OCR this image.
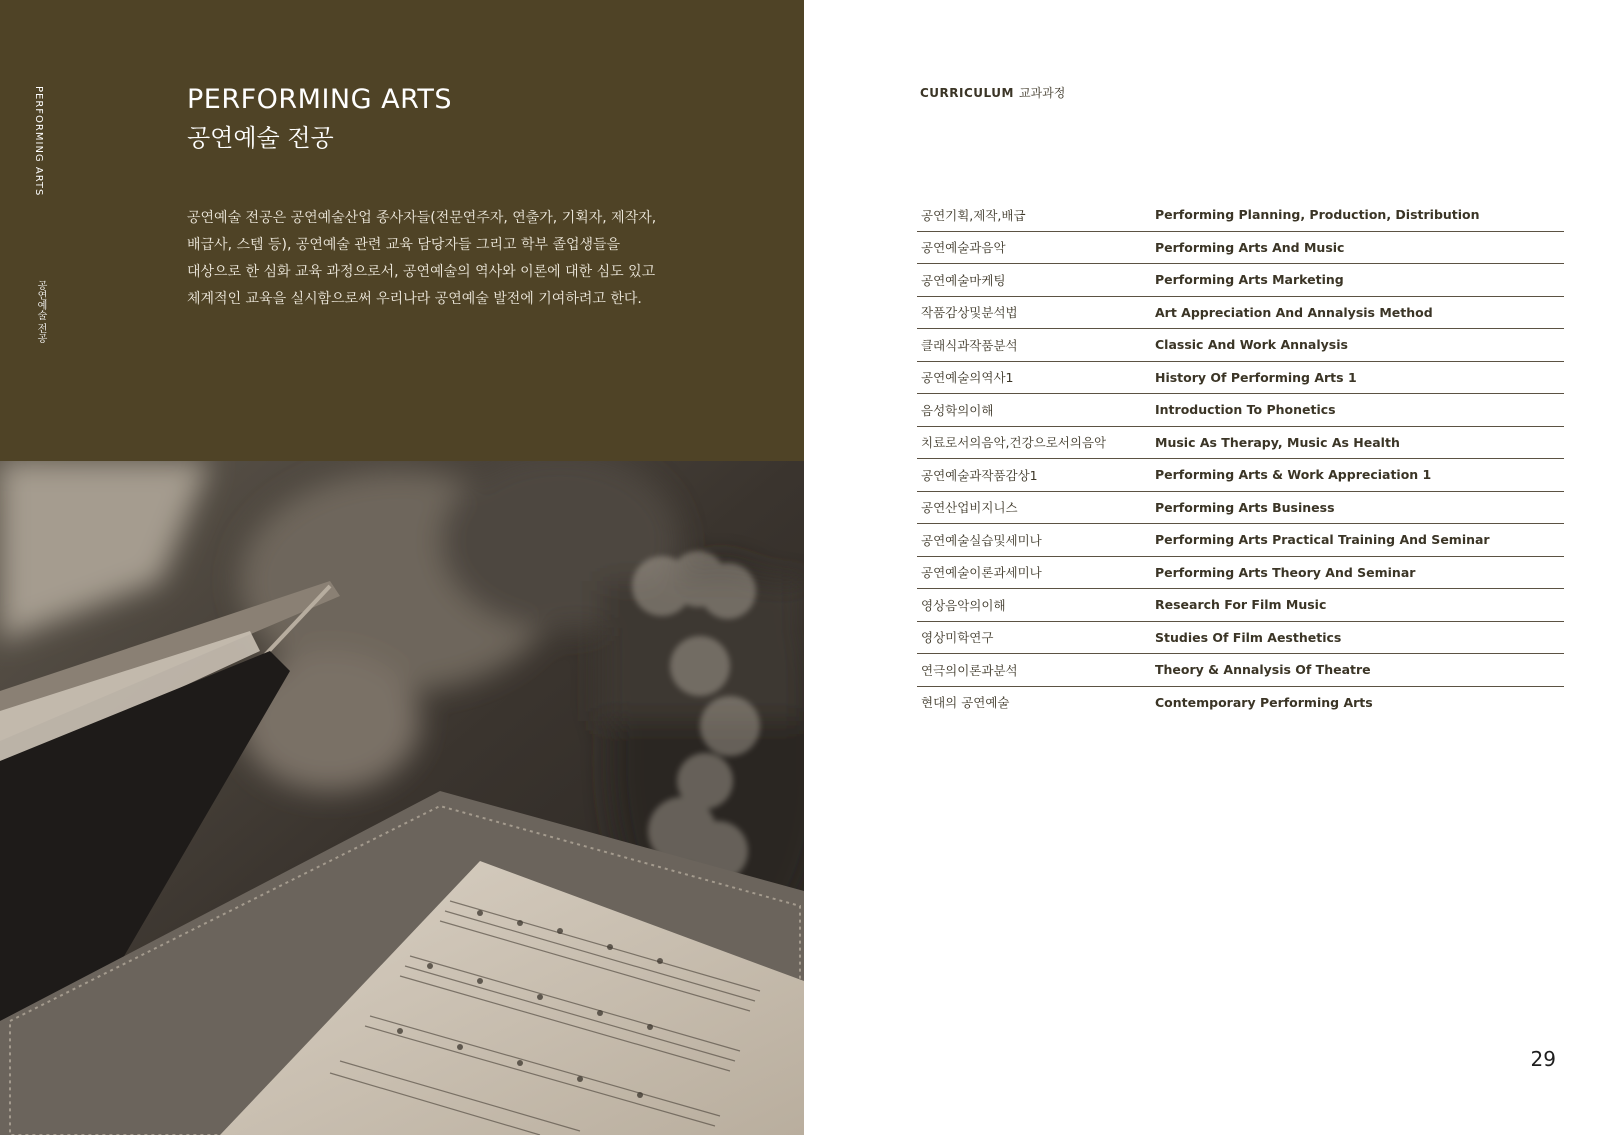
PERFORMING ARTS
공연예술 전공
PERFORMING ARTS
공연예술 전공
공연예술 전공은 공연예술산업 종사자들(전문연주자, 연출가, 기획자, 제작자,
배급사, 스텝 등), 공연예술 관련 교육 담당자들 그리고 학부 졸업생들을
대상으로 한 심화 교육 과정으로서, 공연예술의 역사와 이론에 대한 심도 있고
체계적인 교육을 실시함으로써 우리나라 공연예술 발전에 기여하려고 한다.
CURRICULUM 교과과정
공연기획,제작,배급	Performing Planning, Production, Distribution
공연예술과음악	Performing Arts And Music
공연예술마케팅	Performing Arts Marketing
작품감상및분석법	Art Appreciation And Annalysis Method
클래식과작품분석	Classic And Work Annalysis
공연예술의역사1	History Of Performing Arts 1
음성학의이해	Introduction To Phonetics
치료로서의음악,건강으로서의음악	Music As Therapy, Music As Health
공연예술과작품감상1	Performing Arts & Work Appreciation 1
공연산업비지니스	Performing Arts Business
공연예술실습및세미나	Performing Arts Practical Training And Seminar
공연예술이론과세미나	Performing Arts Theory And Seminar
영상음악의이해	Research For Film Music
영상미학연구	Studies Of Film Aesthetics
연극의이론과분석	Theory & Annalysis Of Theatre
현대의 공연예술	Contemporary Performing Arts
29
